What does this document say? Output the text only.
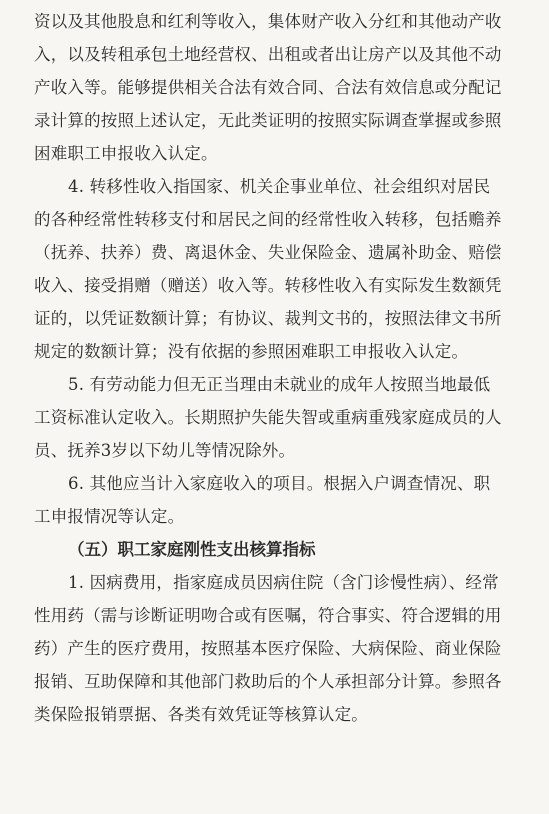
资以及其他股息和红利等收入，集体财产收入分红和其他动产收
入，以及转租承包土地经营权、出租或者出让房产以及其他不动
产收入等。能够提供相关合法有效合同、合法有效信息或分配记
录计算的按照上述认定，无此类证明的按照实际调查掌握或参照
困难职工申报收入认定。

4. 转移性收入指国家、机关企事业单位、社会组织对居民
的各种经常性转移支付和居民之间的经常性收入转移，包括赡养
（抚养、扶养）费、离退休金、失业保险金、遗属补助金、赔偿
收入、接受捐赠（赠送）收入等。转移性收入有实际发生数额凭
证的，以凭证数额计算；有协议、裁判文书的，按照法律文书所
规定的数额计算；没有依据的参照困难职工申报收入认定。

5. 有劳动能力但无正当理由未就业的成年人按照当地最低
工资标准认定收入。长期照护失能失智或重病重残家庭成员的人
员、抚养3岁以下幼儿等情况除外。

6. 其他应当计入家庭收入的项目。根据入户调查情况、职
工申报情况等认定。

（五）职工家庭刚性支出核算指标

1. 因病费用，指家庭成员因病住院（含门诊慢性病）、经常
性用药（需与诊断证明吻合或有医嘱，符合事实、符合逻辑的用
药）产生的医疗费用，按照基本医疗保险、大病保险、商业保险
报销、互助保障和其他部门救助后的个人承担部分计算。参照各
类保险报销票据、各类有效凭证等核算认定。
